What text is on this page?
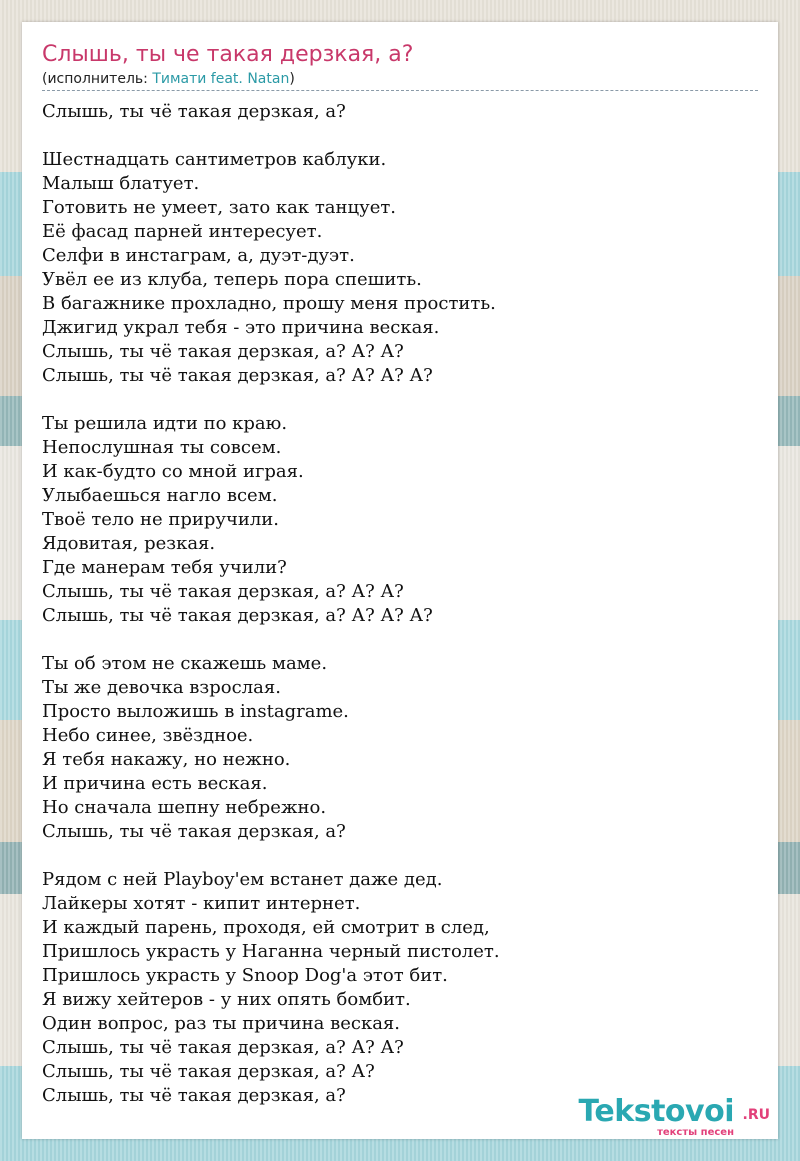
Слышь, ты че такая дерзкая, а?
(исполнитель: Тимати feat. Natan)
Слышь, ты чё такая дерзкая, а?
Шестнадцать сантиметров каблуки.
Малыш блатует.
Готовить не умеет, зато как танцует.
Её фасад парней интересует.
Селфи в инстаграм, а, дуэт-дуэт.
Увёл ее из клуба, теперь пора спешить.
В багажнике прохладно, прошу меня простить.
Джигид украл тебя - это причина веская.
Слышь, ты чё такая дерзкая, а? А? А?
Слышь, ты чё такая дерзкая, а? А? А? А?
Ты решила идти по краю.
Непослушная ты совсем.
И как-будто со мной играя.
Улыбаешься нагло всем.
Твоё тело не приручили.
Ядовитая, резкая.
Где манерам тебя учили?
Слышь, ты чё такая дерзкая, а? А? А?
Слышь, ты чё такая дерзкая, а? А? А? А?
Ты об этом не скажешь маме.
Ты же девочка взрослая.
Просто выложишь в instagrame.
Небо синее, звёздное.
Я тебя накажу, но нежно.
И причина есть веская.
Но сначала шепну небрежно.
Слышь, ты чё такая дерзкая, а?
Рядом с ней Playboy'ем встанет даже дед.
Лайкеры хотят - кипит интернет.
И каждый парень, проходя, ей смотрит в след,
Пришлось украсть у Наганна черный пистолет.
Пришлось украсть у Snoop Dog'а этот бит.
Я вижу хейтеров - у них опять бомбит.
Один вопрос, раз ты причина веская.
Слышь, ты чё такая дерзкая, а? А? А?
Слышь, ты чё такая дерзкая, а? А?
Слышь, ты чё такая дерзкая, а?	Tekstovoi .RU
тексты песен
